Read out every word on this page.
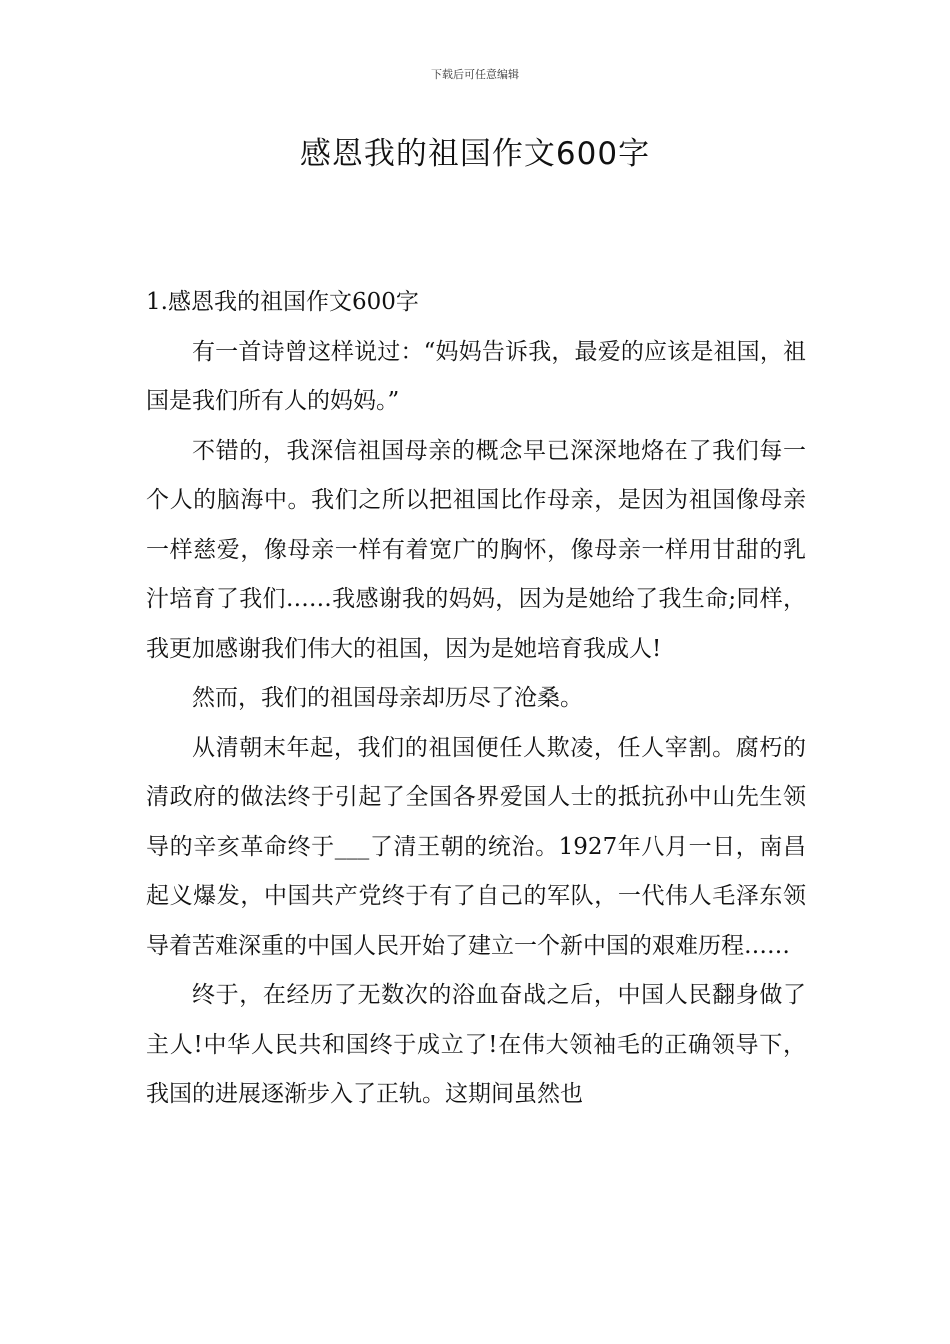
下载后可任意编辑
感恩我的祖国作文600字

1.感恩我的祖国作文600字

有一首诗曾这样说过：“妈妈告诉我，最爱的应该是祖国，祖国是我们所有人的妈妈。”

不错的，我深信祖国母亲的概念早已深深地烙在了我们每一个人的脑海中。我们之所以把祖国比作母亲，是因为祖国像母亲一样慈爱，像母亲一样有着宽广的胸怀，像母亲一样用甘甜的乳汁培育了我们……我感谢我的妈妈，因为是她给了我生命;同样，我更加感谢我们伟大的祖国，因为是她培育我成人!

然而，我们的祖国母亲却历尽了沧桑。

从清朝末年起，我们的祖国便任人欺凌，任人宰割。腐朽的清政府的做法终于引起了全国各界爱国人士的抵抗孙中山先生领导的辛亥革命终于___了清王朝的统治。1927年八月一日，南昌起义爆发，中国共产党终于有了自己的军队，一代伟人毛泽东领导着苦难深重的中国人民开始了建立一个新中国的艰难历程……

终于，在经历了无数次的浴血奋战之后，中国人民翻身做了主人!中华人民共和国终于成立了!在伟大领袖毛的正确领导下，我国的进展逐渐步入了正轨。这期间虽然也
